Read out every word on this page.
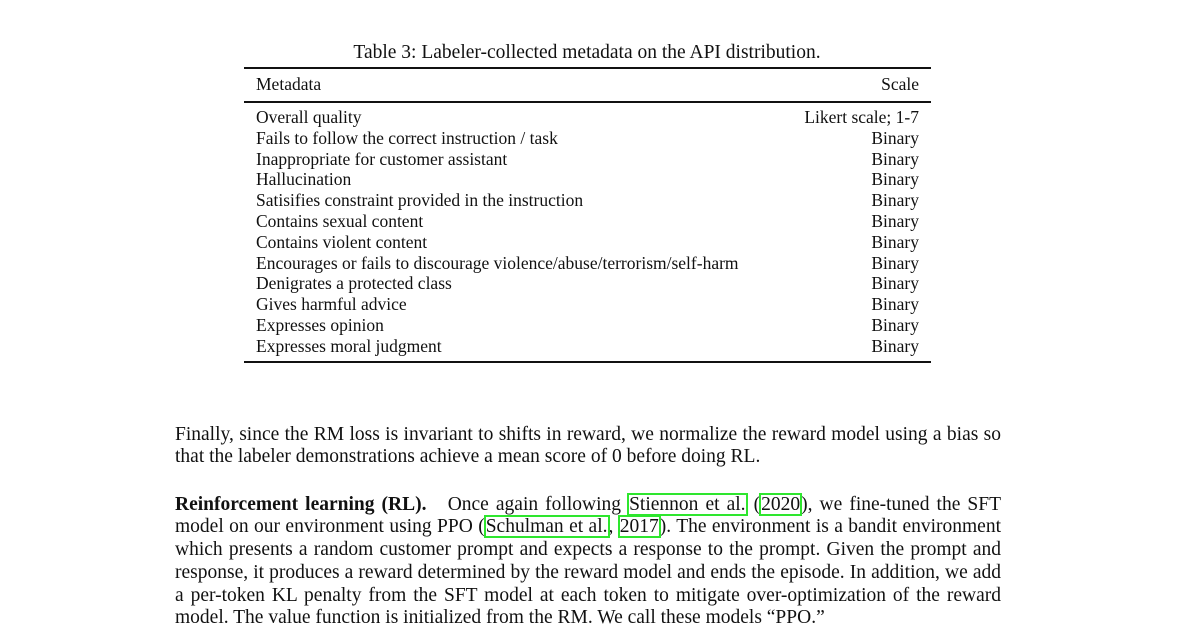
Table 3: Labeler-collected metadata on the API distribution.
Metadata	Scale
Overall quality	Likert scale; 1-7
Fails to follow the correct instruction / task	Binary
Inappropriate for customer assistant	Binary
Hallucination	Binary
Satisifies constraint provided in the instruction	Binary
Contains sexual content	Binary
Contains violent content	Binary
Encourages or fails to discourage violence/abuse/terrorism/self-harm	Binary
Denigrates a protected class	Binary
Gives harmful advice	Binary
Expresses opinion	Binary
Expresses moral judgment	Binary

Finally, since the RM loss is invariant to shifts in reward, we normalize the reward model using a bias so that the labeler demonstrations achieve a mean score of 0 before doing RL.

Reinforcement learning (RL). Once again following Stiennon et al. (2020), we fine-tuned the SFT model on our environment using PPO (Schulman et al., 2017). The environment is a bandit environment which presents a random customer prompt and expects a response to the prompt. Given the prompt and response, it produces a reward determined by the reward model and ends the episode. In addition, we add a per-token KL penalty from the SFT model at each token to mitigate over-optimization of the reward model. The value function is initialized from the RM. We call these models “PPO.”
